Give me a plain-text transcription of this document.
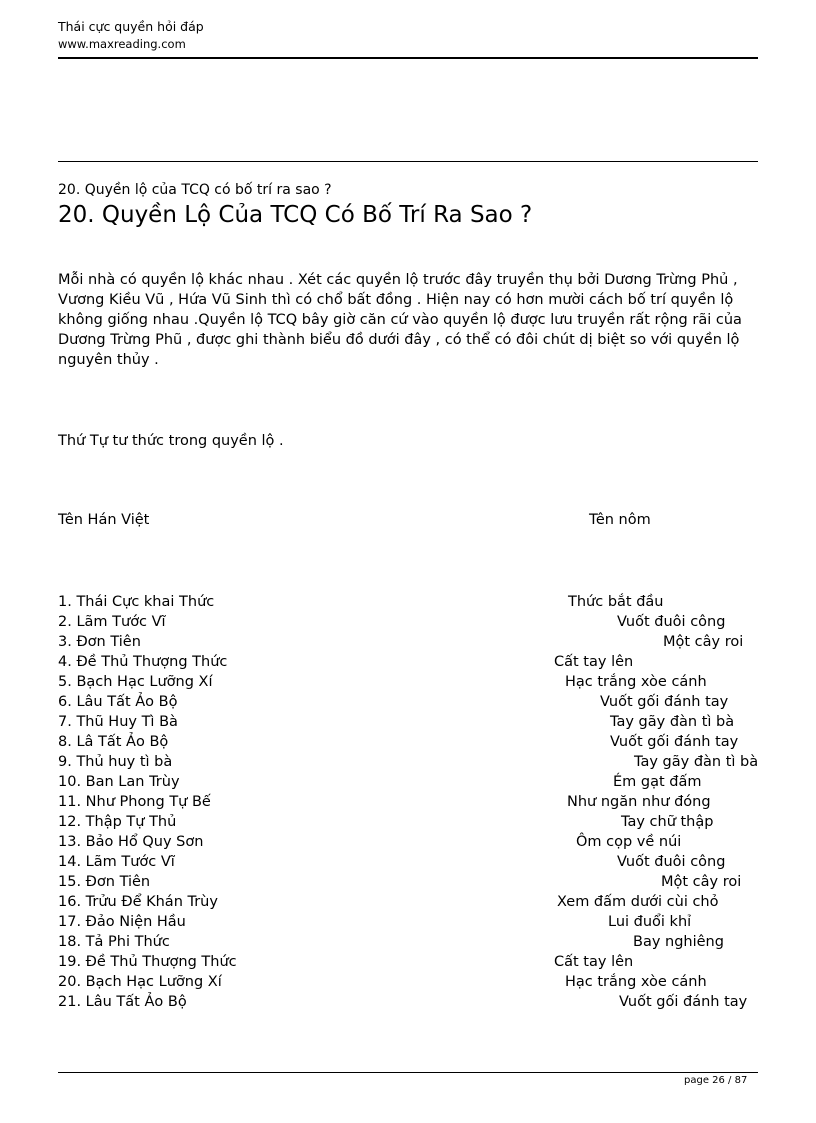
Thái cực quyền hỏi đáp
www.maxreading.com
20. Quyền lộ của TCQ có bố trí ra sao ?
20. Quyền Lộ Của TCQ Có Bố Trí Ra Sao ?
Mỗi nhà có quyền lộ khác nhau . Xét các quyền lộ trước đây truyền thụ bởi Dương Trừng Phủ ,
Vương Kiều Vũ , Hứa Vũ Sinh thì có chổ bất đồng . Hiện nay có hơn mười cách bố trí quyền lộ
không giống nhau .Quyền lộ TCQ bây giờ căn cứ vào quyền lộ được lưu truyền rất rộng rãi của
Dương Trừng Phũ , được ghi thành biểu đồ dưới đây , có thể có đôi chút dị biệt so với quyền lộ
nguyên thủy .
Thứ Tự tư thức trong quyền lộ .
Tên Hán Việt	Tên nôm
1. Thái Cực khai Thức	Thức bắt đầu
2. Lãm Tước Vĩ	Vuốt đuôi công
3. Đơn Tiên	Một cây roi
4. Đề Thủ Thượng Thức	Cất tay lên
5. Bạch Hạc Lưỡng Xí	Hạc trắng xòe cánh
6. Lâu Tất Ảo Bộ	Vuốt gối đánh tay
7. Thũ Huy Tì Bà	Tay gãy đàn tì bà
8. Lâ Tất Ảo Bộ	Vuốt gối đánh tay
9. Thủ huy tì bà	Tay gãy đàn tì bà
10. Ban Lan Trùy	Ém gạt đấm
11. Như Phong Tự Bế	Như ngăn như đóng
12. Thập Tự Thủ	Tay chữ thập
13. Bảo Hổ Quy Sơn	Ôm cọp về núi
14. Lãm Tước Vĩ	Vuốt đuôi công
15. Đơn Tiên	Một cây roi
16. Trửu Để Khán Trùy	Xem đấm dưới cùi chỏ
17. Đảo Niện Hầu	Lui đuổi khỉ
18. Tả Phi Thức	Bay nghiêng
19. Đề Thủ Thượng Thức	Cất tay lên
20. Bạch Hạc Lưỡng Xí	Hạc trắng xòe cánh
21. Lâu Tất Ảo Bộ	Vuốt gối đánh tay
page 26 / 87
